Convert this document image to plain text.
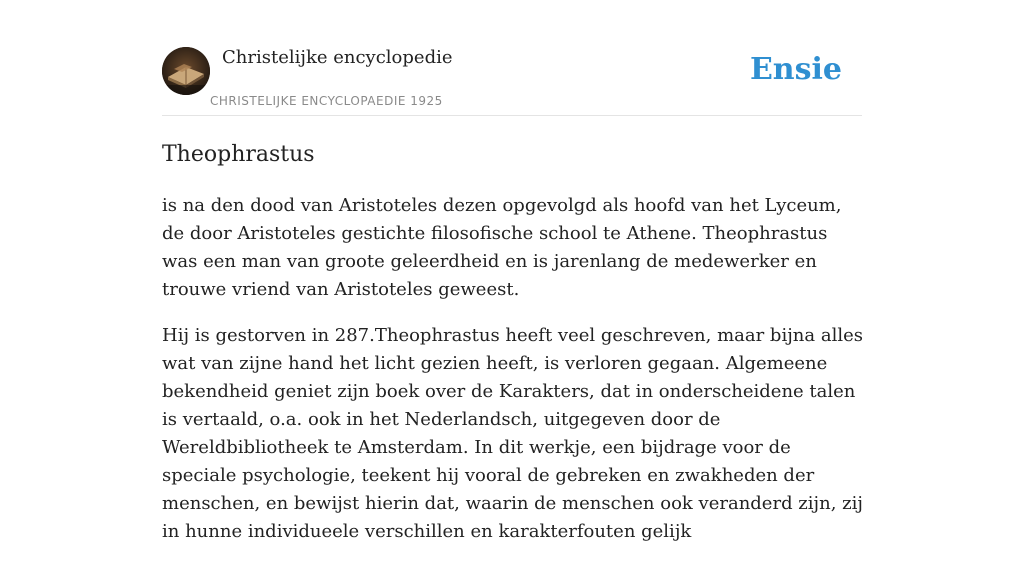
Christelijke encyclopedie
CHRISTELIJKE ENCYCLOPAEDIE 1925
Ensie
Theophrastus

is na den dood van Aristoteles dezen opgevolgd als hoofd van het Lyceum, de door Aristoteles gestichte filosofische school te Athene. Theophrastus was een man van groote geleerdheid en is jarenlang de medewerker en trouwe vriend van Aristoteles geweest.

Hij is gestorven in 287.Theophrastus heeft veel geschreven, maar bijna alles wat van zijne hand het licht gezien heeft, is verloren gegaan. Algemeene bekendheid geniet zijn boek over de Karakters, dat in onderscheidene talen is vertaald, o.a. ook in het Nederlandsch, uitgegeven door de Wereldbibliotheek te Amsterdam. In dit werkje, een bijdrage voor de speciale psychologie, teekent hij vooral de gebreken en zwakheden der menschen, en bewijst hierin dat, waarin de menschen ook veranderd zijn, zij in hunne individueele verschillen en karakterfouten gelijk
